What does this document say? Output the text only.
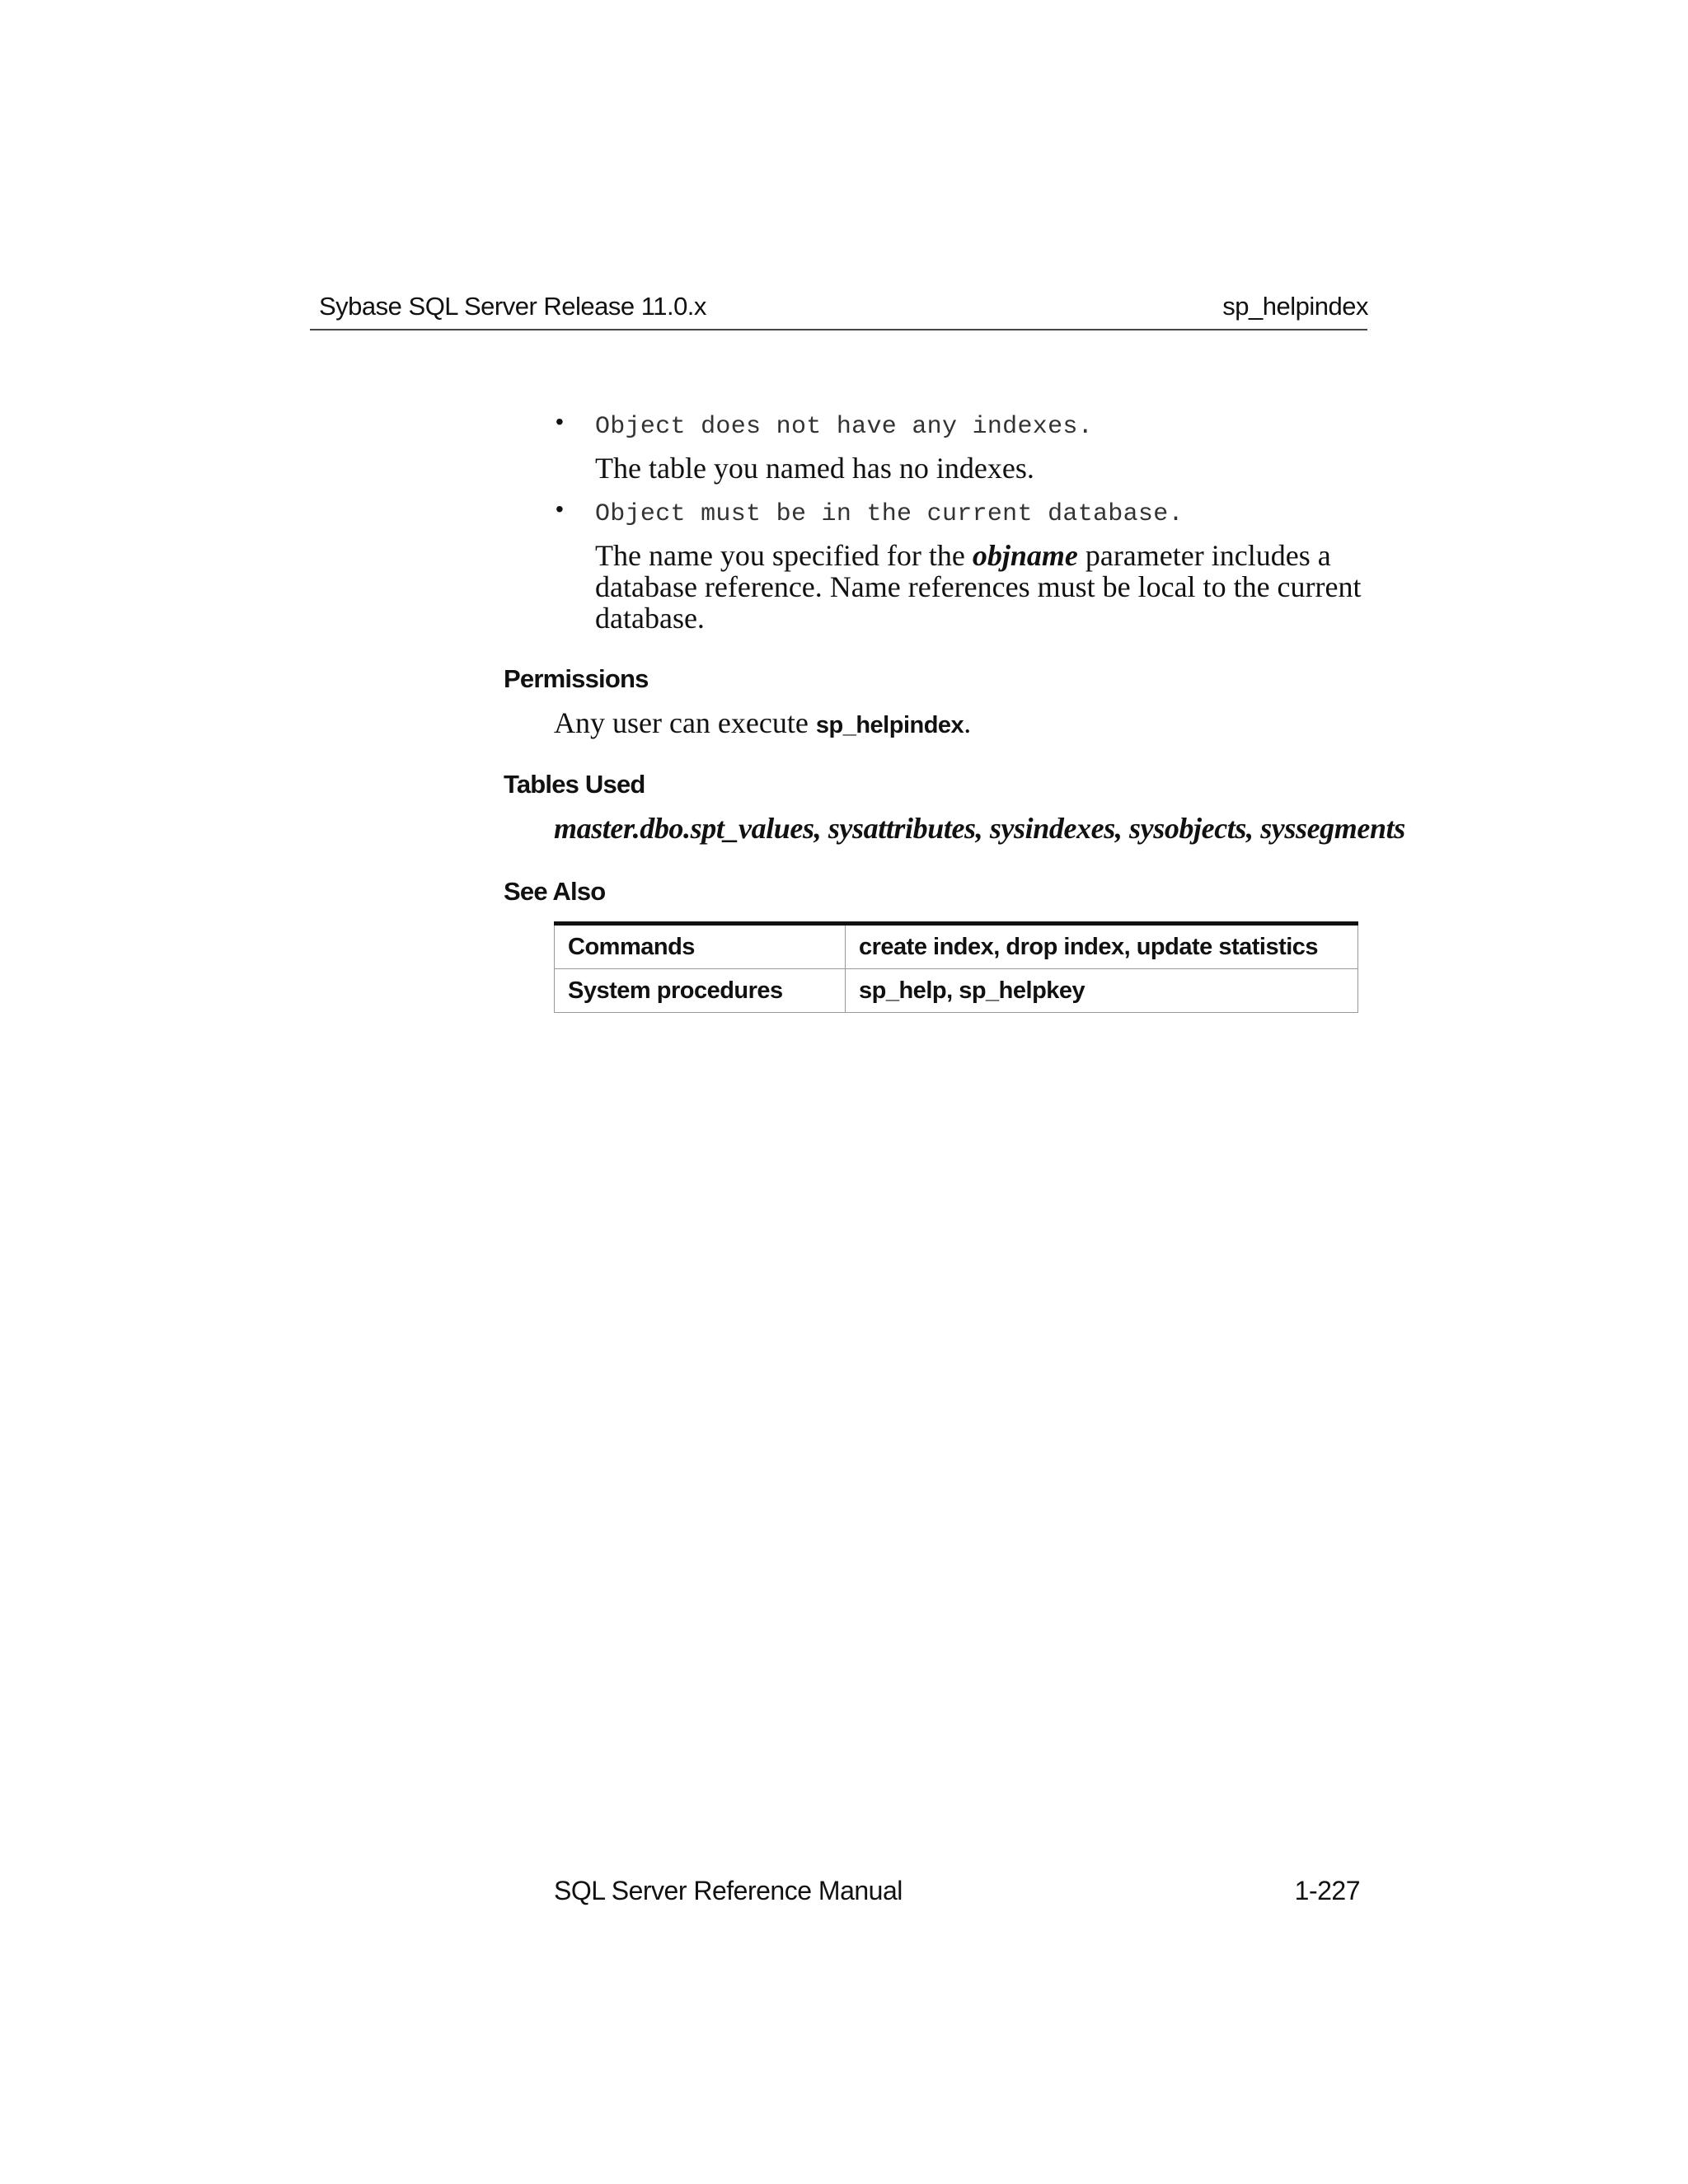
Sybase SQL Server Release 11.0.x	sp_helpindex
• Object does not have any indexes.
The table you named has no indexes.
• Object must be in the current database.
The name you specified for the objname parameter includes a database reference. Name references must be local to the current database.
Permissions
Any user can execute sp_helpindex.
Tables Used
master.dbo.spt_values, sysattributes, sysindexes, sysobjects, syssegments
See Also
Commands	create index, drop index, update statistics
System procedures	sp_help, sp_helpkey
SQL Server Reference Manual	1-227
